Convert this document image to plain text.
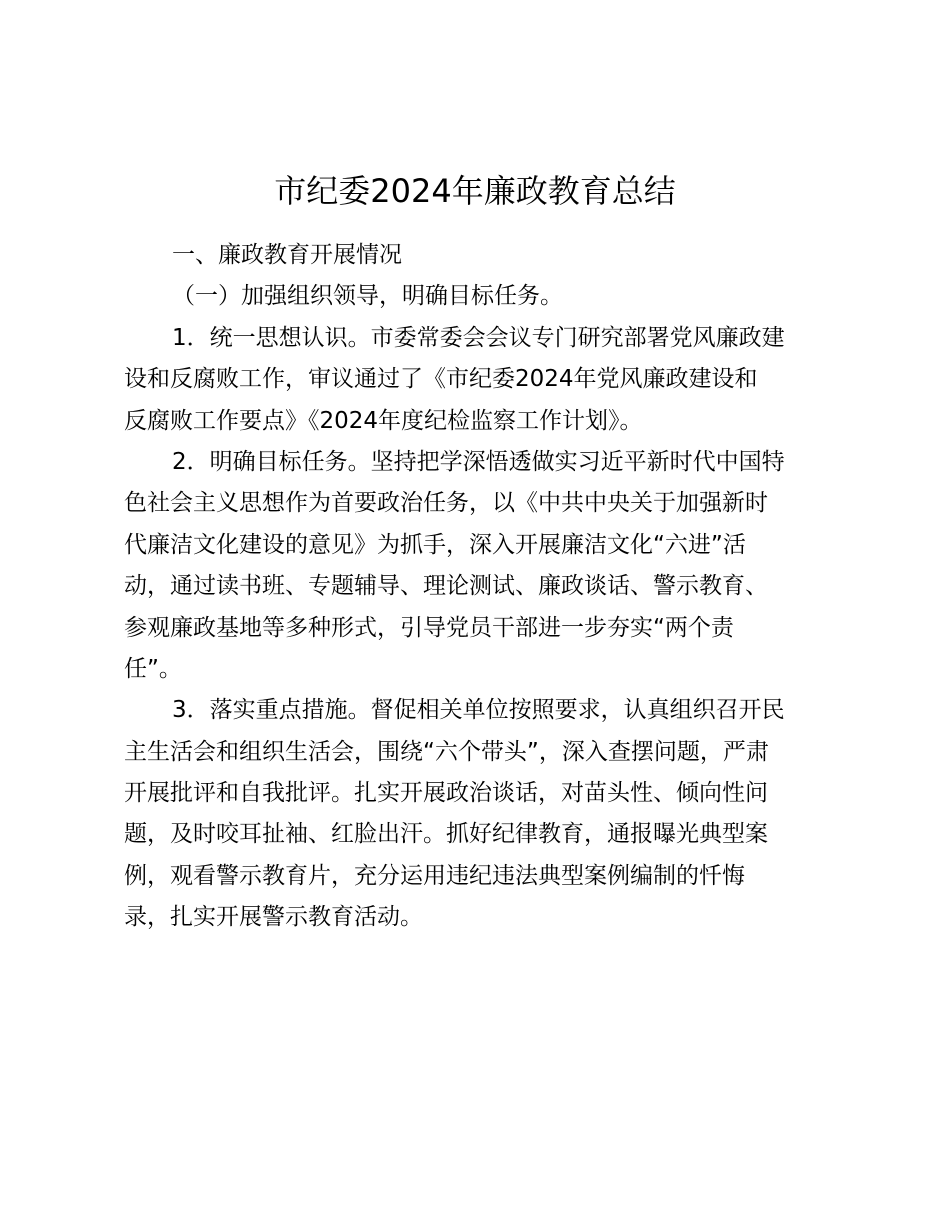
市纪委2024年廉政教育总结
一、廉政教育开展情况
（一）加强组织领导，明确目标任务。
1．统一思想认识。市委常委会会议专门研究部署党风廉政建
设和反腐败工作，审议通过了《市纪委2024年党风廉政建设和
反腐败工作要点》《2024年度纪检监察工作计划》。
2．明确目标任务。坚持把学深悟透做实习近平新时代中国特
色社会主义思想作为首要政治任务，以《中共中央关于加强新时
代廉洁文化建设的意见》为抓手，深入开展廉洁文化“六进”活
动，通过读书班、专题辅导、理论测试、廉政谈话、警示教育、
参观廉政基地等多种形式，引导党员干部进一步夯实“两个责
任”。
3．落实重点措施。督促相关单位按照要求，认真组织召开民
主生活会和组织生活会，围绕“六个带头”，深入查摆问题，严肃
开展批评和自我批评。扎实开展政治谈话，对苗头性、倾向性问
题，及时咬耳扯袖、红脸出汗。抓好纪律教育，通报曝光典型案
例，观看警示教育片，充分运用违纪违法典型案例编制的忏悔
录，扎实开展警示教育活动。
